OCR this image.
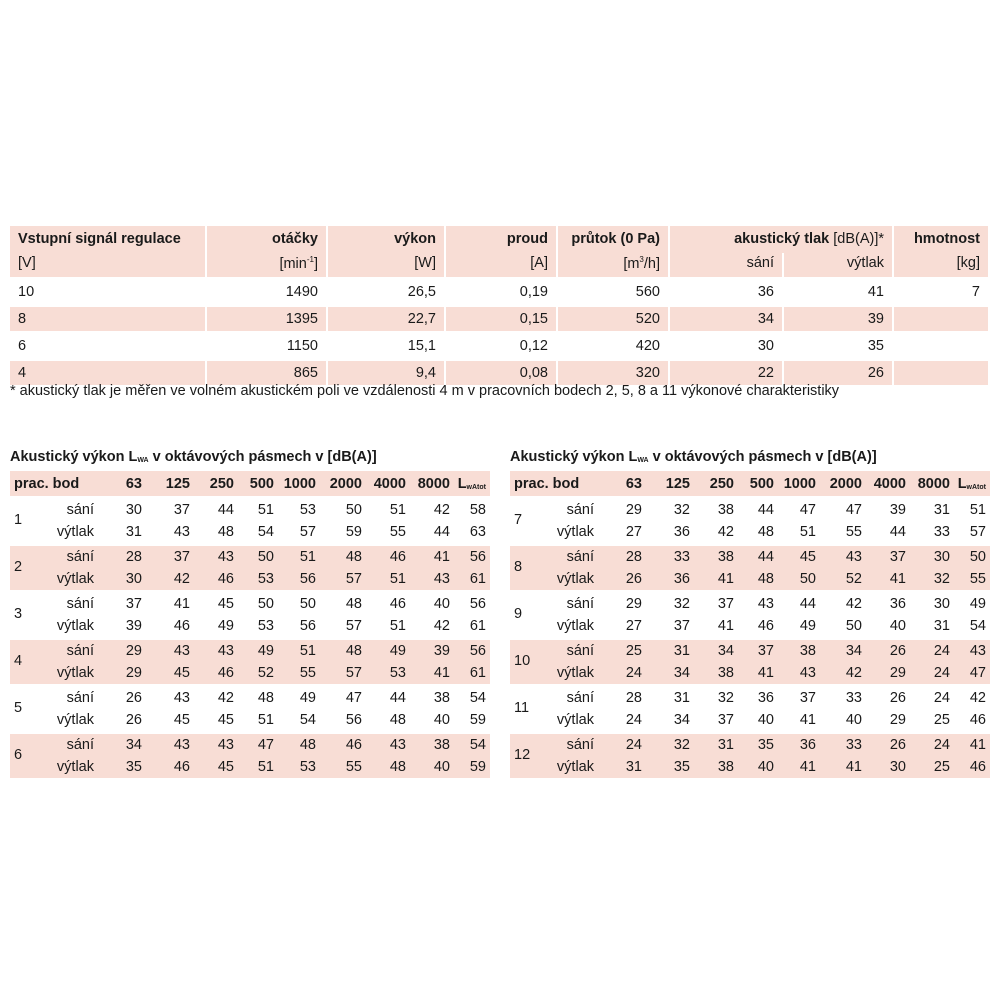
Vstupní signál regulace	otáčky	výkon	proud	průtok (0 Pa)	akustický tlak [dB(A)]*	hmotnost
[V]	$[\min^{-1}]$	[W]	[A]	$[m^3/h]$	sání	výtlak	[kg]
10	1490	26,5	0,19	560	36	41	7
8	1395	22,7	0,15	520	34	39
6	1150	15,1	0,12	420	30	35
4	865	9,4	0,08	320	22	26
* akustický tlak je měřen ve volném akustickém poli ve vzdálenosti 4 m v pracovních bodech 2, 5, 8 a 11 výkonové charakteristiky
Akustický výkon $L_{WA}$ v oktávových pásmech v [dB(A)]
prac. bod	63	125	250	500 1000 2000 4000 8000 $L_{wAtot}$
1
sání	30	37	44	51	53	50	51	42	58
výtlak	31	43	48	54	57	59	55	44	63
2
sání	28	37	43	50	51	48	46	41	56
výtlak	30	42	46	53	56	57	51	43	61
3
sání	37	41	45	50	50	48	46	40	56
výtlak	39	46	49	53	56	57	51	42	61
4
sání	29	43	43	49	51	48	49	39	56
výtlak	29	45	46	52	55	57	53	41	61
5
sání	26	43	42	48	49	47	44	38	54
výtlak	26	45	45	51	54	56	48	40	59
6
sání	34	43	43	47	48	46	43	38	54
výtlak	35	46	45	51	53	55	48	40	59
Akustický výkon $L_{WA}$ v oktávových pásmech v [dB(A)]
prac. bod	63	125	250	500 1000 2000 4000 8000 $L_{wAtot}$
7
sání	29	32	38	44	47	47	39	31	51
výtlak	27	36	42	48	51	55	44	33	57
8
sání	28	33	38	44	45	43	37	30	50
výtlak	26	36	41	48	50	52	41	32	55
9
sání	29	32	37	43	44	42	36	30	49
výtlak	27	37	41	46	49	50	40	31	54
10
sání	25	31	34	37	38	34	26	24	43
výtlak	24	34	38	41	43	42	29	24	47
11
sání	28	31	32	36	37	33	26	24	42
výtlak	24	34	37	40	41	40	29	25	46
12
sání	24	32	31	35	36	33	26	24	41
výtlak	31	35	38	40	41	41	30	25	46
